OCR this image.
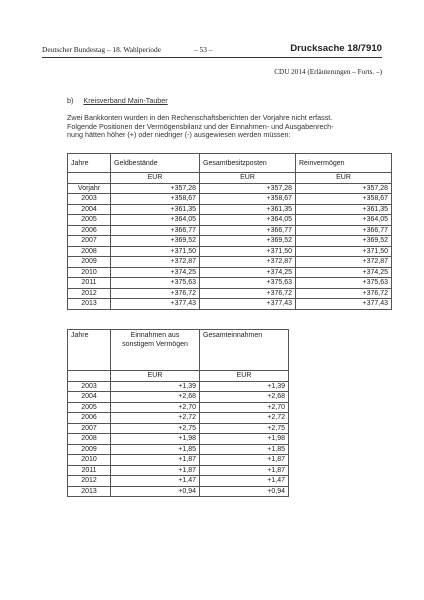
Deutscher Bundestag – 18. Wahlperiode	– 53 –	Drucksache 18/7910
CDU 2014 (Erläuterungen – Forts. –)
b) Kreisverband Main-Tauber
Zwei Bankkonten wurden in den Rechenschaftsberichten der Vorjahre nicht erfasst.
Folgende Positionen der Vermögensbilanz und der Einnahmen- und Ausgabenrech-
nung hätten höher (+) oder niedriger (-) ausgewiesen werden müssen:
Jahre	Geldbestände	Gesamtbesitzposten	Reinvermögen
	EUR	EUR	EUR
Vorjahr	+357,28	+357,28	+357,28
2003	+358,67	+358,67	+358,67
2004	+361,35	+361,35	+361,35
2005	+364,05	+364,05	+364,05
2006	+366,77	+366,77	+366,77
2007	+369,52	+369,52	+369,52
2008	+371,50	+371,50	+371,50
2009	+372,87	+372,87	+372,87
2010	+374,25	+374,25	+374,25
2011	+375,63	+375,63	+375,63
2012	+376,72	+376,72	+376,72
2013	+377,43	+377,43	+377,43
Jahre	Einnahmen aus sonstigem Vermögen	Gesamteinnahmen
	EUR	EUR
2003	+1,39	+1,39
2004	+2,68	+2,68
2005	+2,70	+2,70
2006	+2,72	+2,72
2007	+2,75	+2,75
2008	+1,98	+1,98
2009	+1,85	+1,85
2010	+1,87	+1,87
2011	+1,87	+1,87
2012	+1,47	+1,47
2013	+0,94	+0,94
